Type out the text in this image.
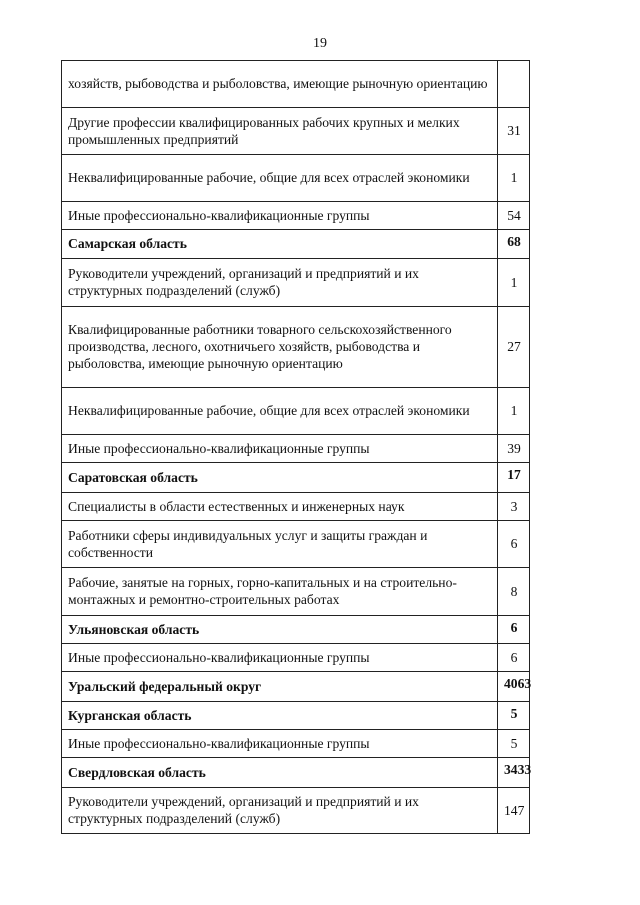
19
хозяйств, рыбоводства и рыболовства, имеющие рыночную ориентацию	
Другие профессии квалифицированных рабочих крупных и мелких промышленных предприятий	31
Неквалифицированные рабочие, общие для всех отраслей экономики	1
Иные профессионально-квалификационные группы	54
Самарская область	68
Руководители учреждений, организаций и предприятий и их структурных подразделений (служб)	1
Квалифицированные работники товарного сельскохозяйственного производства, лесного, охотничьего хозяйств, рыбоводства и рыболовства, имеющие рыночную ориентацию	27
Неквалифицированные рабочие, общие для всех отраслей экономики	1
Иные профессионально-квалификационные группы	39
Саратовская область	17
Специалисты в области естественных и инженерных наук	3
Работники сферы индивидуальных услуг и защиты граждан и собственности	6
Рабочие, занятые на горных, горно-капитальных и на строительно-монтажных и ремонтно-строительных работах	8
Ульяновская область	6
Иные профессионально-квалификационные группы	6
Уральский федеральный округ	4063
Курганская область	5
Иные профессионально-квалификационные группы	5
Свердловская область	3433
Руководители учреждений, организаций и предприятий и их структурных подразделений (служб)	147
